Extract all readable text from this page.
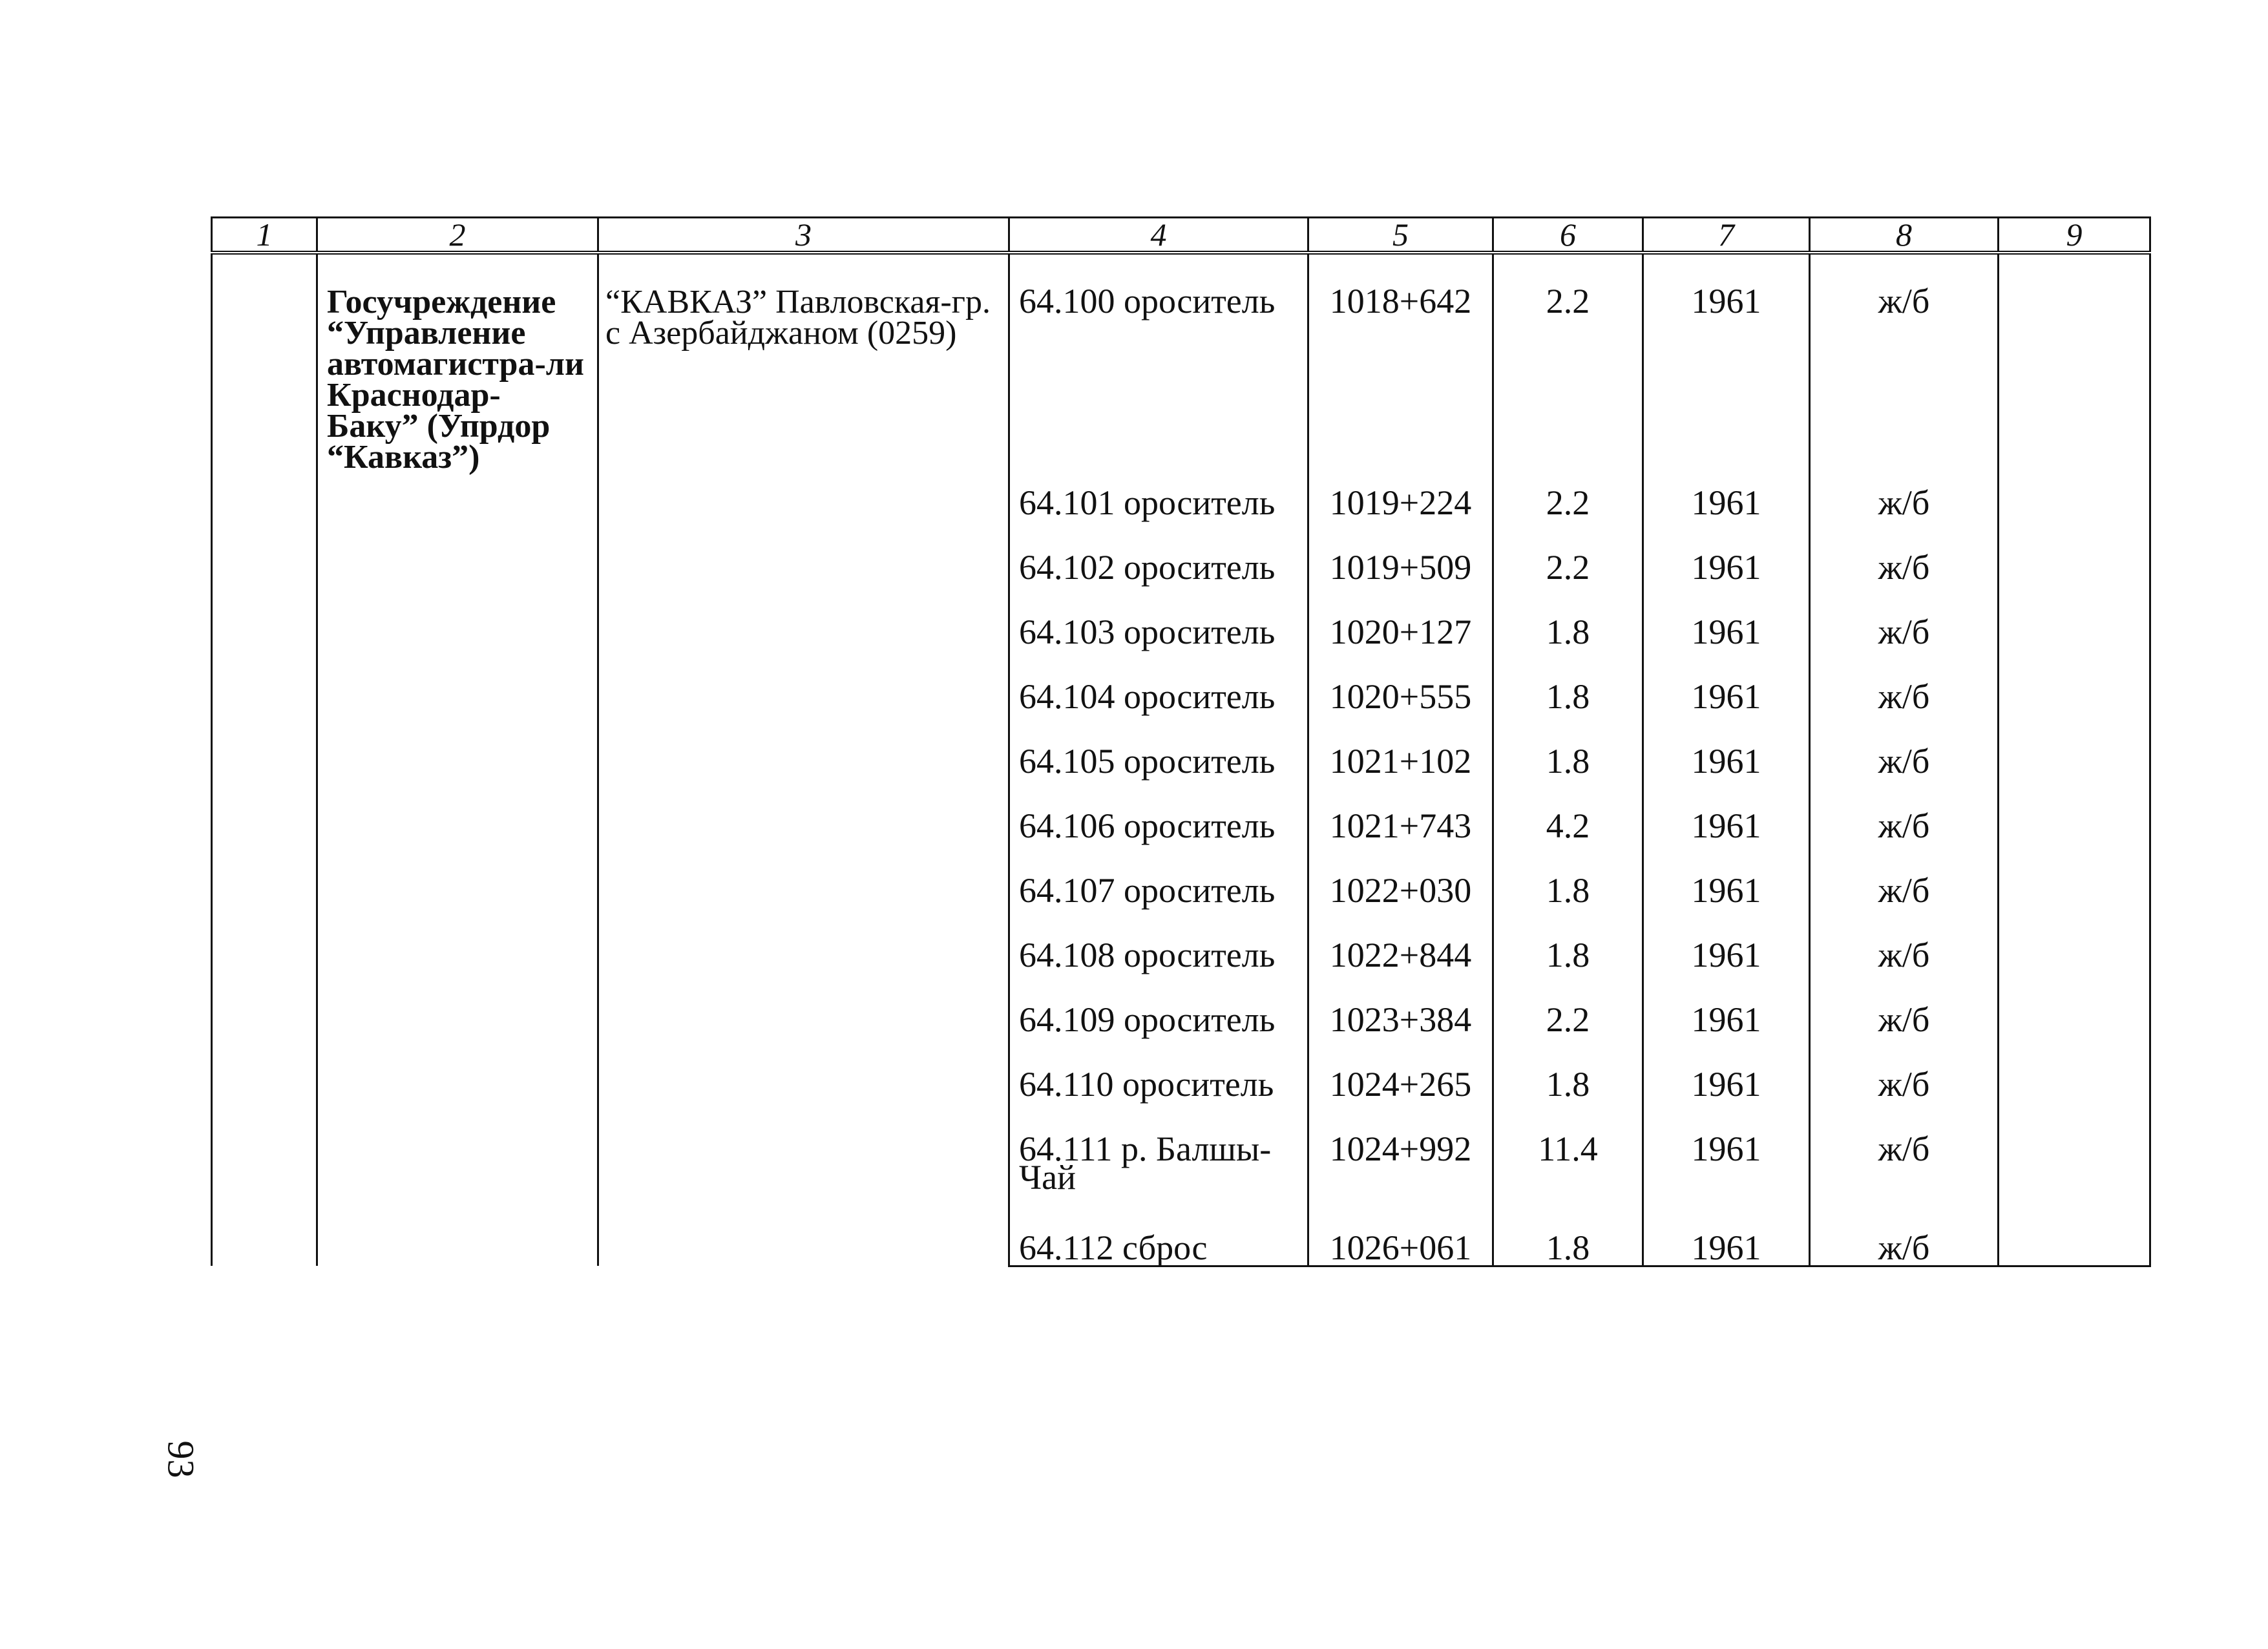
1	2	3	4	5	6	7	8	9
	Госучреждение “Управление автомагистра-ли Краснодар-Баку” (Упрдор “Кавказ”)	“КАВКАЗ” Павловская-гр. с Азербайджаном (0259)	64.100 ороситель	1018+642	2.2	1961	ж/б	
			64.101 ороситель	1019+224	2.2	1961	ж/б	
			64.102 ороситель	1019+509	2.2	1961	ж/б	
			64.103 ороситель	1020+127	1.8	1961	ж/б	
			64.104 ороситель	1020+555	1.8	1961	ж/б	
			64.105 ороситель	1021+102	1.8	1961	ж/б	
			64.106 ороситель	1021+743	4.2	1961	ж/б	
			64.107 ороситель	1022+030	1.8	1961	ж/б	
			64.108 ороситель	1022+844	1.8	1961	ж/б	
			64.109 ороситель	1023+384	2.2	1961	ж/б	
			64.110 ороситель	1024+265	1.8	1961	ж/б	
			64.111 р. Балшы-Чай	1024+992	11.4	1961	ж/б	
			64.112 сброс	1026+061	1.8	1961	ж/б	
93
